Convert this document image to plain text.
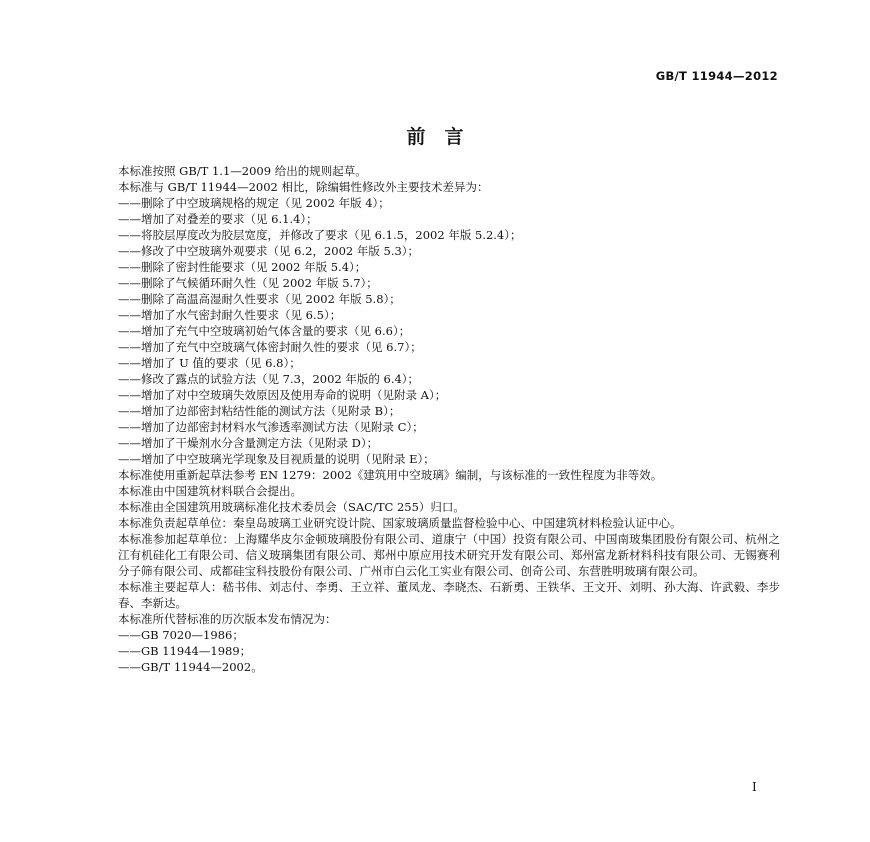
GB/T 11944—2012
前　言
本标准按照 GB/T 1.1—2009 给出的规则起草。
本标准与 GB/T 11944—2002 相比，除编辑性修改外主要技术差异为：
——删除了中空玻璃规格的规定（见 2002 年版 4）；
——增加了对叠差的要求（见 6.1.4）；
——将胶层厚度改为胶层宽度，并修改了要求（见 6.1.5，2002 年版 5.2.4）；
——修改了中空玻璃外观要求（见 6.2，2002 年版 5.3）；
——删除了密封性能要求（见 2002 年版 5.4）；
——删除了气候循环耐久性（见 2002 年版 5.7）；
——删除了高温高湿耐久性要求（见 2002 年版 5.8）；
——增加了水气密封耐久性要求（见 6.5）；
——增加了充气中空玻璃初始气体含量的要求（见 6.6）；
——增加了充气中空玻璃气体密封耐久性的要求（见 6.7）；
——增加了 U 值的要求（见 6.8）；
——修改了露点的试验方法（见 7.3，2002 年版的 6.4）；
——增加了对中空玻璃失效原因及使用寿命的说明（见附录 A）；
——增加了边部密封粘结性能的测试方法（见附录 B）；
——增加了边部密封材料水气渗透率测试方法（见附录 C）；
——增加了干燥剂水分含量测定方法（见附录 D）；
——增加了中空玻璃光学现象及目视质量的说明（见附录 E）；
本标准使用重新起草法参考 EN 1279：2002《建筑用中空玻璃》编制，与该标准的一致性程度为非等效。
本标准由中国建筑材料联合会提出。
本标准由全国建筑用玻璃标准化技术委员会（SAC/TC 255）归口。
本标准负责起草单位：秦皇岛玻璃工业研究设计院、国家玻璃质量监督检验中心、中国建筑材料检验认证中心。
本标准参加起草单位：上海耀华皮尔金顿玻璃股份有限公司、道康宁（中国）投资有限公司、中国南玻集团股份有限公司、杭州之江有机硅化工有限公司、信义玻璃集团有限公司、郑州中原应用技术研究开发有限公司、郑州富龙新材料科技有限公司、无锡赛利分子筛有限公司、成都硅宝科技股份有限公司、广州市白云化工实业有限公司、创奇公司、东营胜明玻璃有限公司。
本标准主要起草人：嵇书伟、刘志付、李勇、王立祥、董凤龙、李晓杰、石新勇、王铁华、王文开、刘明、孙大海、许武毅、李步春、李新达。
本标准所代替标准的历次版本发布情况为：
——GB 7020—1986；
——GB 11944—1989；
——GB/T 11944—2002。
I
